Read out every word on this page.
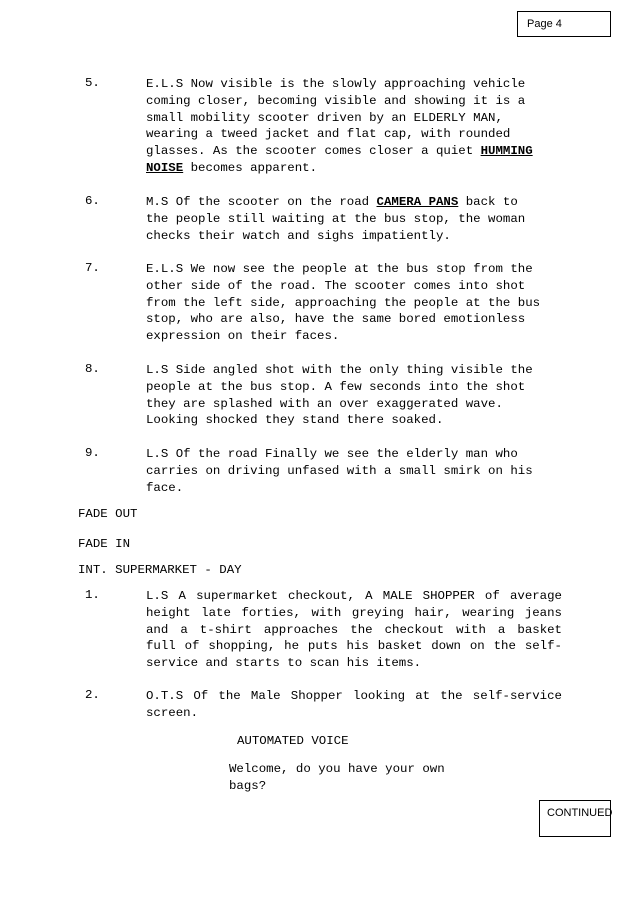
Page 4
5.	E.L.S Now visible is the slowly approaching vehicle
coming closer, becoming visible and showing it is a
small mobility scooter driven by an ELDERLY MAN,
wearing a tweed jacket and flat cap, with rounded
glasses. As the scooter comes closer a quiet HUMMING
NOISE becomes apparent.
6.	M.S Of the scooter on the road CAMERA PANS back to
the people still waiting at the bus stop, the woman
checks their watch and sighs impatiently.
7.	E.L.S We now see the people at the bus stop from the
other side of the road. The scooter comes into shot
from the left side, approaching the people at the bus
stop, who are also, have the same bored emotionless
expression on their faces.
8.	L.S Side angled shot with the only thing visible the
people at the bus stop. A few seconds into the shot
they are splashed with an over exaggerated wave.
Looking shocked they stand there soaked.
9.	L.S Of the road Finally we see the elderly man who
carries on driving unfased with a small smirk on his
face.
FADE OUT
FADE IN
INT. SUPERMARKET - DAY
1.	L.S A supermarket checkout, A MALE SHOPPER of average height late forties, with greying hair, wearing jeans and a t-shirt approaches the checkout with a basket full of shopping, he puts his basket down on the self-service and starts to scan his items.
2.	O.T.S Of the Male Shopper looking at the self-service screen.
AUTOMATED VOICE
Welcome, do you have your own bags?
CONTINUED
